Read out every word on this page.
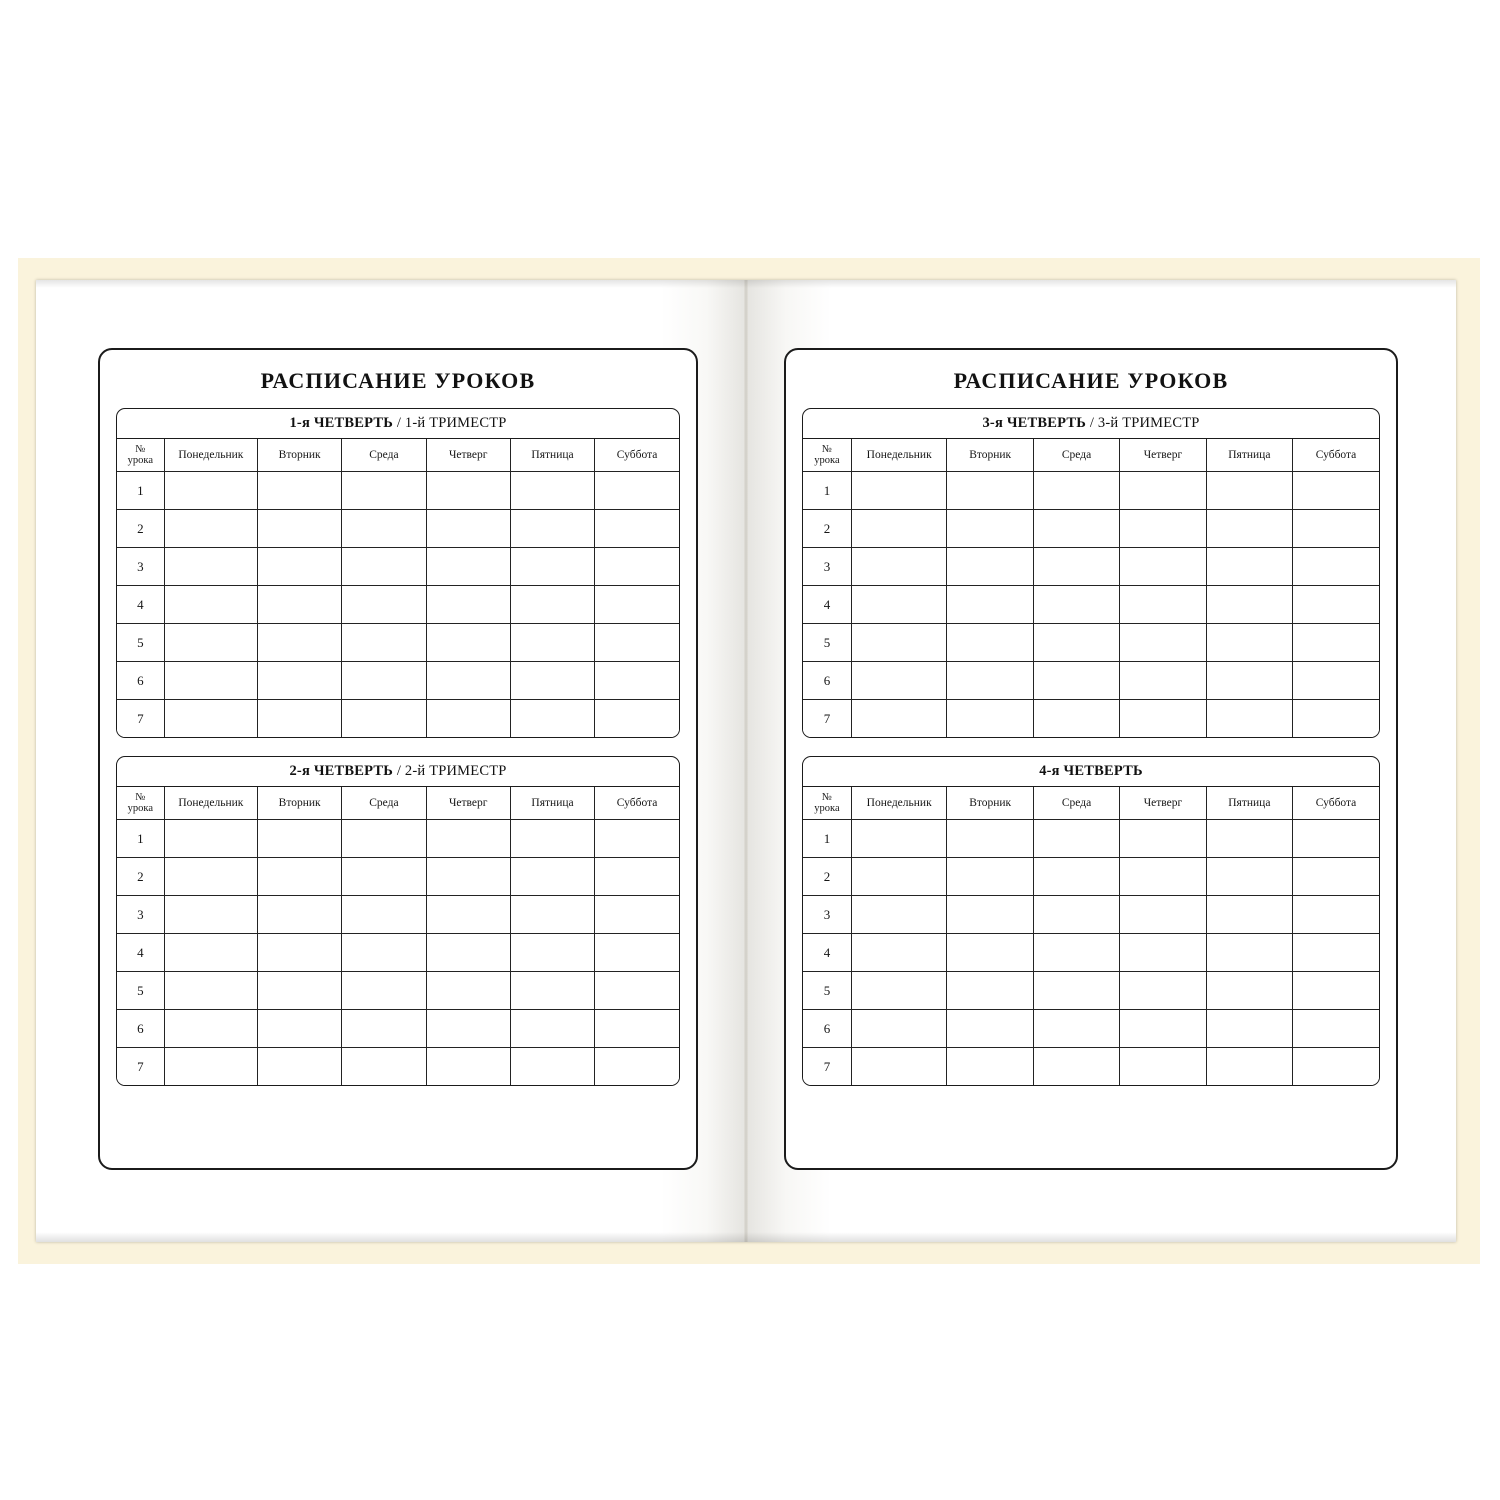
РАСПИСАНИЕ УРОКОВ
1-я ЧЕТВЕРТЬ / 1-й ТРИМЕСТР
№
урока	Понедельник	Вторник	Среда	Четверг	Пятница	Суббота
1						
2						
3						
4						
5						
6						
7						
2-я ЧЕТВЕРТЬ / 2-й ТРИМЕСТР
№
урока	Понедельник	Вторник	Среда	Четверг	Пятница	Суббота
1						
2						
3						
4						
5						
6						
7						
РАСПИСАНИЕ УРОКОВ
3-я ЧЕТВЕРТЬ / 3-й ТРИМЕСТР
№
урока	Понедельник	Вторник	Среда	Четверг	Пятница	Суббота
1						
2						
3						
4						
5						
6						
7						
4-я ЧЕТВЕРТЬ
№
урока	Понедельник	Вторник	Среда	Четверг	Пятница	Суббота
1						
2						
3						
4						
5						
6						
7						
